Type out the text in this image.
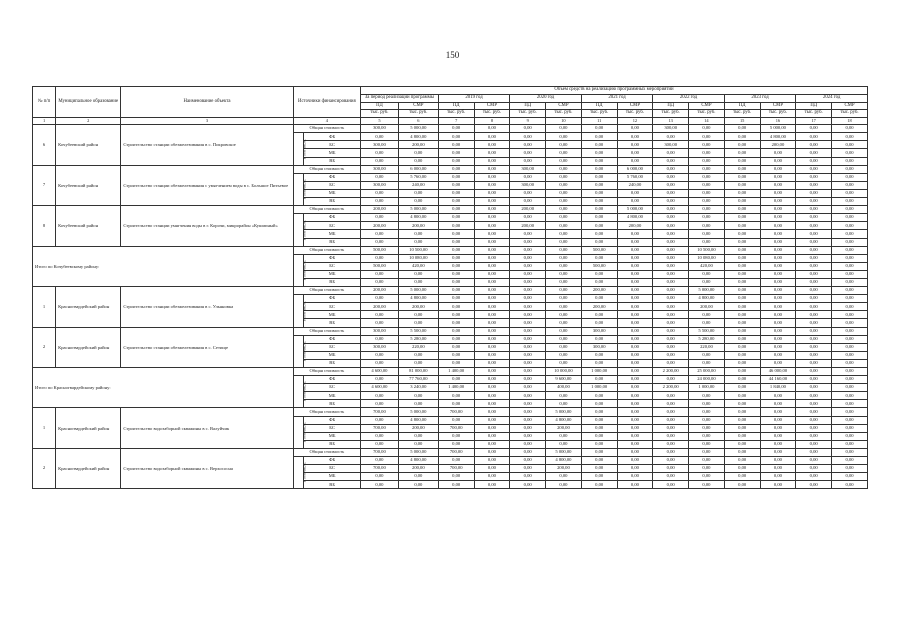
150
№ п/п	Муниципальное образование	Наименование объекта	Источники финансирования		Объем средств на реализацию программных мероприятий													
					За период реализации программы		2019 год		2020 год		2021 год		2022 год		2023 год		2024 год	
					ПД	СМР	ПД	СМР	ПД	СМР	ПД	СМР	ПД	СМР	ПД	СМР	ПД	СМР
					тыс. руб.	тыс. руб.	тыс. руб.	тыс. руб.	тыс. руб.	тыс. руб.	тыс. руб.	тыс. руб.	тыс. руб.	тыс. руб.	тыс. руб.	тыс. руб.	тыс. руб.	тыс. руб.
1	2	3	4		5	6	7	8	9	10	11	12	13	14	15	16	17	18
6	Кочубеевский район	Строительство станции обезжелезивания в с. Покровское	Общая стоимость		300,00	5 000,00	0,00	0,00	0,00	0,00	0,00	0,00	300,00	0,00	0,00	5 000,00	0,00	0,00
			в том числе:	ФБ	0,00	4 800,00	0,00	0,00	0,00	0,00	0,00	0,00	0,00	0,00	0,00	4 800,00	0,00	0,00
				БС	300,00	200,00	0,00	0,00	0,00	0,00	0,00	0,00	300,00	0,00	0,00	200,00	0,00	0,00
				МБ	0,00	0,00	0,00	0,00	0,00	0,00	0,00	0,00	0,00	0,00	0,00	0,00	0,00	0,00
				ВБ	0,00	0,00	0,00	0,00	0,00	0,00	0,00	0,00	0,00	0,00	0,00	0,00	0,00	0,00
7	Кочубеевский район	Строительство станции обезжелезивания с умягчением воды в с. Большое Питьевое	Общая стоимость		300,00	6 000,00	0,00	0,00	300,00	0,00	0,00	6 000,00	0,00	0,00	0,00	0,00	0,00	0,00
			в том числе:	ФБ	0,00	5 760,00	0,00	0,00	0,00	0,00	0,00	5 760,00	0,00	0,00	0,00	0,00	0,00	0,00
				БС	300,00	240,00	0,00	0,00	300,00	0,00	0,00	240,00	0,00	0,00	0,00	0,00	0,00	0,00
				МБ	0,00	0,00	0,00	0,00	0,00	0,00	0,00	0,00	0,00	0,00	0,00	0,00	0,00	0,00
				ВБ	0,00	0,00	0,00	0,00	0,00	0,00	0,00	0,00	0,00	0,00	0,00	0,00	0,00	0,00
8	Кочубеевский район	Строительство станции умягчения воды в г. Корочи, микрорайон «Кушипный»	Общая стоимость		200,00	5 000,00	0,00	0,00	200,00	0,00	0,00	5 000,00	0,00	0,00	0,00	0,00	0,00	0,00
			в том числе:	ФБ	0,00	4 800,00	0,00	0,00	0,00	0,00	0,00	4 800,00	0,00	0,00	0,00	0,00	0,00	0,00
				БС	200,00	200,00	0,00	0,00	200,00	0,00	0,00	200,00	0,00	0,00	0,00	0,00	0,00	0,00
				МБ	0,00	0,00	0,00	0,00	0,00	0,00	0,00	0,00	0,00	0,00	0,00	0,00	0,00	0,00
				ВБ	0,00	0,00	0,00	0,00	0,00	0,00	0,00	0,00	0,00	0,00	0,00	0,00	0,00	0,00
Итого по Кочубеевскому району:			Общая стоимость		500,00	10 500,00	0,00	0,00	0,00	0,00	500,00	0,00	0,00	10 500,00	0,00	0,00	0,00	0,00
			в том числе:	ФБ	0,00	10 080,00	0,00	0,00	0,00	0,00	0,00	0,00	0,00	10 080,00	0,00	0,00	0,00	0,00
				БС	500,00	420,00	0,00	0,00	0,00	0,00	500,00	0,00	0,00	420,00	0,00	0,00	0,00	0,00
				МБ	0,00	0,00	0,00	0,00	0,00	0,00	0,00	0,00	0,00	0,00	0,00	0,00	0,00	0,00
				ВБ	0,00	0,00	0,00	0,00	0,00	0,00	0,00	0,00	0,00	0,00	0,00	0,00	0,00	0,00
1	Красногвардейский район	Строительство станции обезжелезивания в с. Ульяновка	Общая стоимость		200,00	5 000,00	0,00	0,00	0,00	0,00	200,00	0,00	0,00	5 000,00	0,00	0,00	0,00	0,00
			в том числе:	ФБ	0,00	4 800,00	0,00	0,00	0,00	0,00	0,00	0,00	0,00	4 800,00	0,00	0,00	0,00	0,00
				БС	200,00	200,00	0,00	0,00	0,00	0,00	200,00	0,00	0,00	200,00	0,00	0,00	0,00	0,00
				МБ	0,00	0,00	0,00	0,00	0,00	0,00	0,00	0,00	0,00	0,00	0,00	0,00	0,00	0,00
				ВБ	0,00	0,00	0,00	0,00	0,00	0,00	0,00	0,00	0,00	0,00	0,00	0,00	0,00	0,00
2	Красногвардейский район	Строительство станции обезжелезивания в с. Сетище	Общая стоимость		300,00	5 500,00	0,00	0,00	0,00	0,00	300,00	0,00	0,00	5 500,00	0,00	0,00	0,00	0,00
			в том числе:	ФБ	0,00	5 280,00	0,00	0,00	0,00	0,00	0,00	0,00	0,00	5 280,00	0,00	0,00	0,00	0,00
				БС	300,00	220,00	0,00	0,00	0,00	0,00	300,00	0,00	0,00	220,00	0,00	0,00	0,00	0,00
				МБ	0,00	0,00	0,00	0,00	0,00	0,00	0,00	0,00	0,00	0,00	0,00	0,00	0,00	0,00
				ВБ	0,00	0,00	0,00	0,00	0,00	0,00	0,00	0,00	0,00	0,00	0,00	0,00	0,00	0,00
Итого по Красногвардейскому району:			Общая стоимость		4 600,00	81 000,00	1 400,00	0,00	0,00	10 000,00	1 000,00	0,00	2 200,00	25 000,00	0,00	46 000,00	0,00	0,00
			в том числе:	ФБ	0,00	77 760,00	0,00	0,00	0,00	9 600,00	0,00	0,00	0,00	24 000,00	0,00	44 160,00	0,00	0,00
				БС	4 600,00	3 240,00	1 400,00	0,00	0,00	400,00	1 000,00	0,00	2 200,00	1 000,00	0,00	1 840,00	0,00	0,00
				МБ	0,00	0,00	0,00	0,00	0,00	0,00	0,00	0,00	0,00	0,00	0,00	0,00	0,00	0,00
				ВБ	0,00	0,00	0,00	0,00	0,00	0,00	0,00	0,00	0,00	0,00	0,00	0,00	0,00	0,00
1	Красногвардейский район	Строительство водозаборной скважины в с. Валуйчик	Общая стоимость		700,00	5 000,00	700,00	0,00	0,00	5 000,00	0,00	0,00	0,00	0,00	0,00	0,00	0,00	0,00
			в том числе:	ФБ	0,00	4 800,00	0,00	0,00	0,00	4 800,00	0,00	0,00	0,00	0,00	0,00	0,00	0,00	0,00
				БС	700,00	200,00	700,00	0,00	0,00	200,00	0,00	0,00	0,00	0,00	0,00	0,00	0,00	0,00
				МБ	0,00	0,00	0,00	0,00	0,00	0,00	0,00	0,00	0,00	0,00	0,00	0,00	0,00	0,00
				ВБ	0,00	0,00	0,00	0,00	0,00	0,00	0,00	0,00	0,00	0,00	0,00	0,00	0,00	0,00
2	Красногвардейский район	Строительство водозаборной скважины в с. Верхососна	Общая стоимость		700,00	5 000,00	700,00	0,00	0,00	5 000,00	0,00	0,00	0,00	0,00	0,00	0,00	0,00	0,00
			в том числе:	ФБ	0,00	4 800,00	0,00	0,00	0,00	4 800,00	0,00	0,00	0,00	0,00	0,00	0,00	0,00	0,00
				БС	700,00	200,00	700,00	0,00	0,00	200,00	0,00	0,00	0,00	0,00	0,00	0,00	0,00	0,00
				МБ	0,00	0,00	0,00	0,00	0,00	0,00	0,00	0,00	0,00	0,00	0,00	0,00	0,00	0,00
				ВБ	0,00	0,00	0,00	0,00	0,00	0,00	0,00	0,00	0,00	0,00	0,00	0,00	0,00	0,00
